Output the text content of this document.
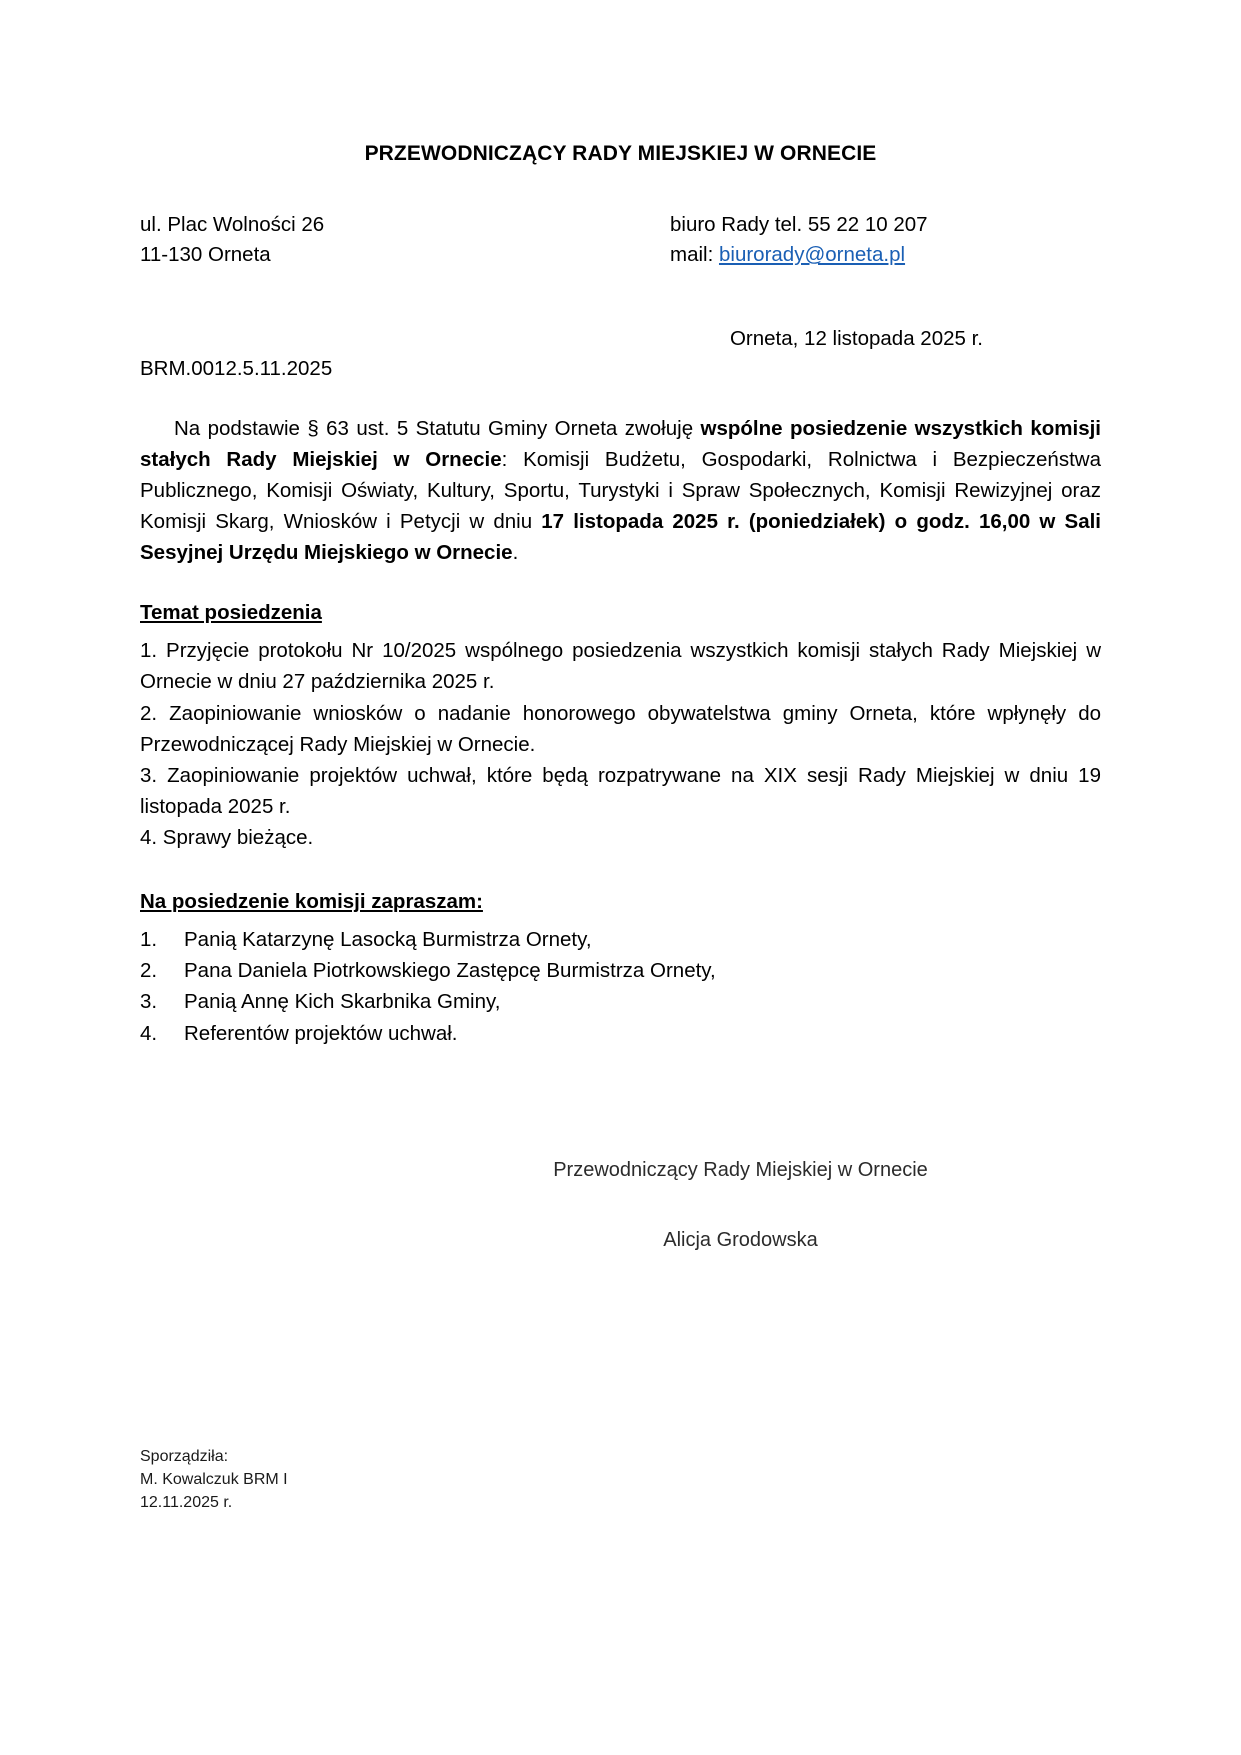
PRZEWODNICZĄCY RADY MIEJSKIEJ W ORNECIE
ul. Plac Wolności 26
11-130 Orneta
biuro Rady tel. 55 22 10 207
mail: biurorady@orneta.pl
Orneta, 12 listopada 2025 r.
BRM.0012.5.11.2025

Na podstawie § 63 ust. 5 Statutu Gminy Orneta zwołuję wspólne posiedzenie wszystkich komisji stałych Rady Miejskiej w Ornecie: Komisji Budżetu, Gospodarki, Rolnictwa i Bezpieczeństwa Publicznego, Komisji Oświaty, Kultury, Sportu, Turystyki i Spraw Społecznych, Komisji Rewizyjnej oraz Komisji Skarg, Wniosków i Petycji w dniu 17 listopada 2025 r. (poniedziałek) o godz. 16,00 w Sali Sesyjnej Urzędu Miejskiego w Ornecie.

Temat posiedzenia
1. Przyjęcie protokołu Nr 10/2025 wspólnego posiedzenia wszystkich komisji stałych Rady Miejskiej w Ornecie w dniu 27 października 2025 r.
2. Zaopiniowanie wniosków o nadanie honorowego obywatelstwa gminy Orneta, które wpłynęły do Przewodniczącej Rady Miejskiej w Ornecie.
3. Zaopiniowanie projektów uchwał, które będą rozpatrywane na XIX sesji Rady Miejskiej w dniu 19 listopada 2025 r.
4. Sprawy bieżące.
Na posiedzenie komisji zapraszam:
1.	Panią Katarzynę Lasocką Burmistrza Ornety,
2.	Pana Daniela Piotrkowskiego Zastępcę Burmistrza Ornety,
3.	Panią Annę Kich Skarbnika Gminy,
4.	Referentów projektów uchwał.
Przewodniczący Rady Miejskiej w Ornecie
Alicja Grodowska
Sporządziła:
M. Kowalczuk BRM I
12.11.2025 r.
